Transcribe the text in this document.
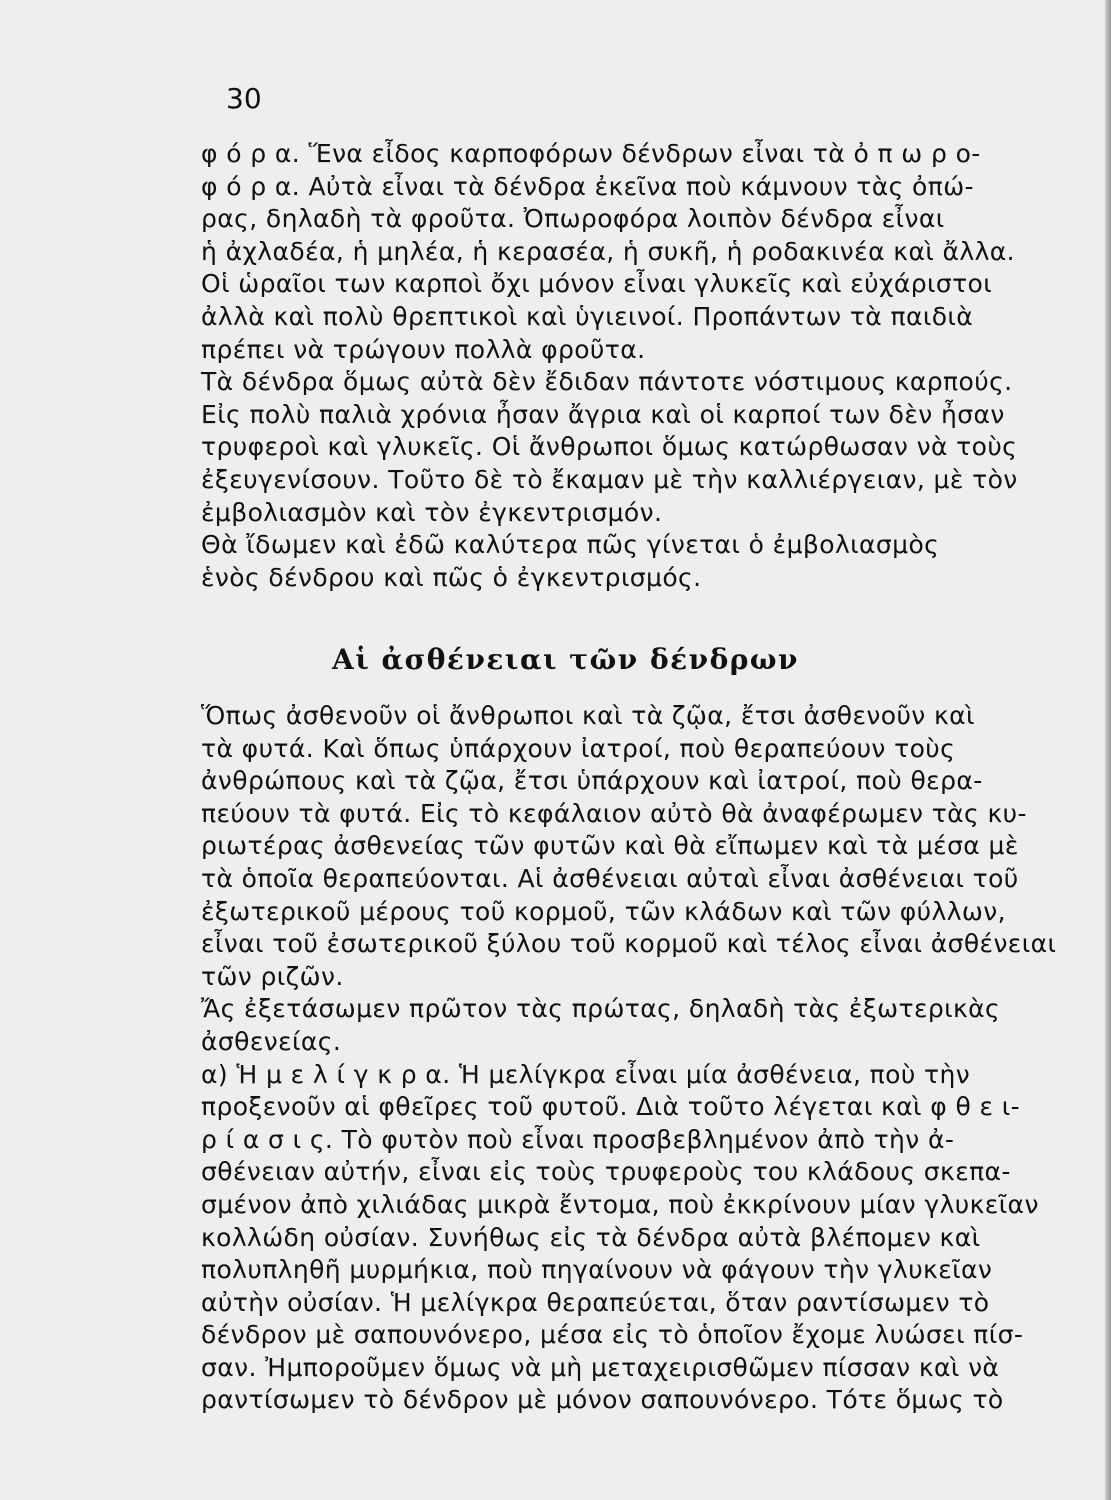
30
φ ό ρ α. Ἕνα εἶδος καρποφόρων δένδρων εἶναι τὰ ὀ π ω ρ ο-
φ ό ρ α. Αὐτὰ εἶναι τὰ δένδρα ἐκεῖνα ποὺ κάμνουν τὰς ὀπώ-
ρας, δηλαδὴ τὰ φροῦτα. Ὀπωροφόρα λοιπὸν δένδρα εἶναι
ἡ ἀχλαδέα, ἡ μηλέα, ἡ κερασέα, ἡ συκῆ, ἡ ροδακινέα καὶ ἄλλα.
Οἱ ὡραῖοι των καρποὶ ὄχι μόνον εἶναι γλυκεῖς καὶ εὐχάριστοι
ἀλλὰ καὶ πολὺ θρεπτικοὶ καὶ ὑγιεινοί. Προπάντων τὰ παιδιὰ
πρέπει νὰ τρώγουν πολλὰ φροῦτα.
Τὰ δένδρα ὅμως αὐτὰ δὲν ἔδιδαν πάντοτε νόστιμους καρπούς.
Εἰς πολὺ παλιὰ χρόνια ἦσαν ἄγρια καὶ οἱ καρποί των δὲν ἦσαν
τρυφεροὶ καὶ γλυκεῖς. Οἱ ἄνθρωποι ὅμως κατώρθωσαν νὰ τοὺς
ἐξευγενίσουν. Τοῦτο δὲ τὸ ἔκαμαν μὲ τὴν καλλιέργειαν, μὲ τὸν
ἐμβολιασμὸν καὶ τὸν ἐγκεντρισμόν.
Θὰ ἴδωμεν καὶ ἐδῶ καλύτερα πῶς γίνεται ὁ ἐμβολιασμὸς
ἑνὸς δένδρου καὶ πῶς ὁ ἐγκεντρισμός.
Αἱ ἀσθένειαι τῶν δένδρων
Ὅπως ἀσθενοῦν οἱ ἄνθρωποι καὶ τὰ ζῷα, ἔτσι ἀσθενοῦν καὶ
τὰ φυτά. Καὶ ὅπως ὑπάρχουν ἰατροί, ποὺ θεραπεύουν τοὺς
ἀνθρώπους καὶ τὰ ζῷα, ἔτσι ὑπάρχουν καὶ ἰατροί, ποὺ θερα-
πεύουν τὰ φυτά. Εἰς τὸ κεφάλαιον αὐτὸ θὰ ἀναφέρωμεν τὰς κυ-
ριωτέρας ἀσθενείας τῶν φυτῶν καὶ θὰ εἴπωμεν καὶ τὰ μέσα μὲ
τὰ ὁποῖα θεραπεύονται. Αἱ ἀσθένειαι αὐταὶ εἶναι ἀσθένειαι τοῦ
ἐξωτερικοῦ μέρους τοῦ κορμοῦ, τῶν κλάδων καὶ τῶν φύλλων,
εἶναι τοῦ ἐσωτερικοῦ ξύλου τοῦ κορμοῦ καὶ τέλος εἶναι ἀσθένειαι
τῶν ριζῶν.
Ἄς ἐξετάσωμεν πρῶτον τὰς πρώτας, δηλαδὴ τὰς ἐξωτερικὰς
ἀσθενείας.
α) Ἡ μ ε λ ί γ κ ρ α. Ἡ μελίγκρα εἶναι μία ἀσθένεια, ποὺ τὴν
προξενοῦν αἱ φθεῖρες τοῦ φυτοῦ. Διὰ τοῦτο λέγεται καὶ φ θ ε ι-
ρ ί α σ ι ς. Τὸ φυτὸν ποὺ εἶναι προσβεβλημένον ἀπὸ τὴν ἀ-
σθένειαν αὐτήν, εἶναι εἰς τοὺς τρυφεροὺς του κλάδους σκεπα-
σμένον ἀπὸ χιλιάδας μικρὰ ἔντομα, ποὺ ἐκκρίνουν μίαν γλυκεῖαν
κολλώδη οὐσίαν. Συνήθως εἰς τὰ δένδρα αὐτὰ βλέπομεν καὶ
πολυπληθῆ μυρμήκια, ποὺ πηγαίνουν νὰ φάγουν τὴν γλυκεῖαν
αὐτὴν οὐσίαν. Ἡ μελίγκρα θεραπεύεται, ὅταν ραντίσωμεν τὸ
δένδρον μὲ σαπουνόνερο, μέσα εἰς τὸ ὁποῖον ἔχομε λυώσει πίσ-
σαν. Ἠμποροῦμεν ὅμως νὰ μὴ μεταχειρισθῶμεν πίσσαν καὶ νὰ
ραντίσωμεν τὸ δένδρον μὲ μόνον σαπουνόνερο. Τότε ὅμως τὸ
